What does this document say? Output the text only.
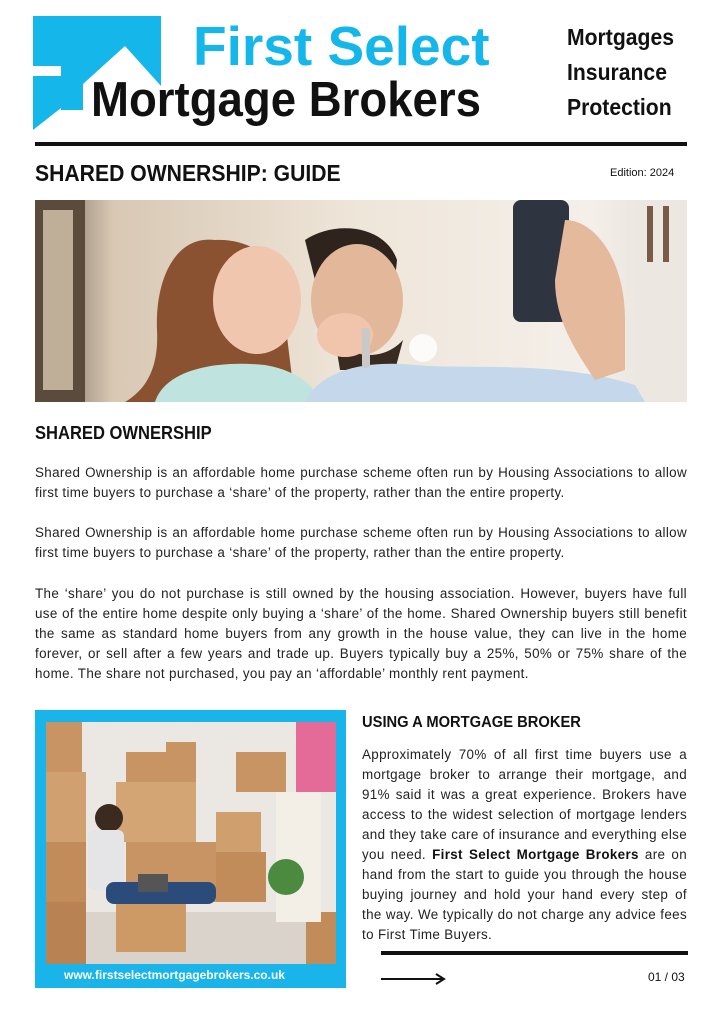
First Select
Mortgage Brokers
Mortgages
Insurance
Protection
SHARED OWNERSHIP: GUIDE	Edition: 2024
SHARED OWNERSHIP
Shared Ownership is an affordable home purchase scheme often run by Housing Associations to allow first time buyers to purchase a ‘share’ of the property, rather than the entire property.
Shared Ownership is an affordable home purchase scheme often run by Housing Associations to allow first time buyers to purchase a ‘share’ of the property, rather than the entire property.
The ‘share’ you do not purchase is still owned by the housing association. However, buyers have full use of the entire home despite only buying a ‘share’ of the home. Shared Ownership buyers still benefit the same as standard home buyers from any growth in the house value, they can live in the home forever, or sell after a few years and trade up. Buyers typically buy a 25%, 50% or 75% share of the home. The share not purchased, you pay an ‘affordable’ monthly rent payment.
www.firstselectmortgagebrokers.co.uk
USING A MORTGAGE BROKER
Approximately 70% of all first time buyers use a mortgage broker to arrange their mortgage, and 91% said it was a great experience. Brokers have access to the widest selection of mortgage lenders and they take care of insurance and everything else you need. First Select Mortgage Brokers are on hand from the start to guide you through the house buying journey and hold your hand every step of the way. We typically do not charge any advice fees to First Time Buyers.
01 / 03
